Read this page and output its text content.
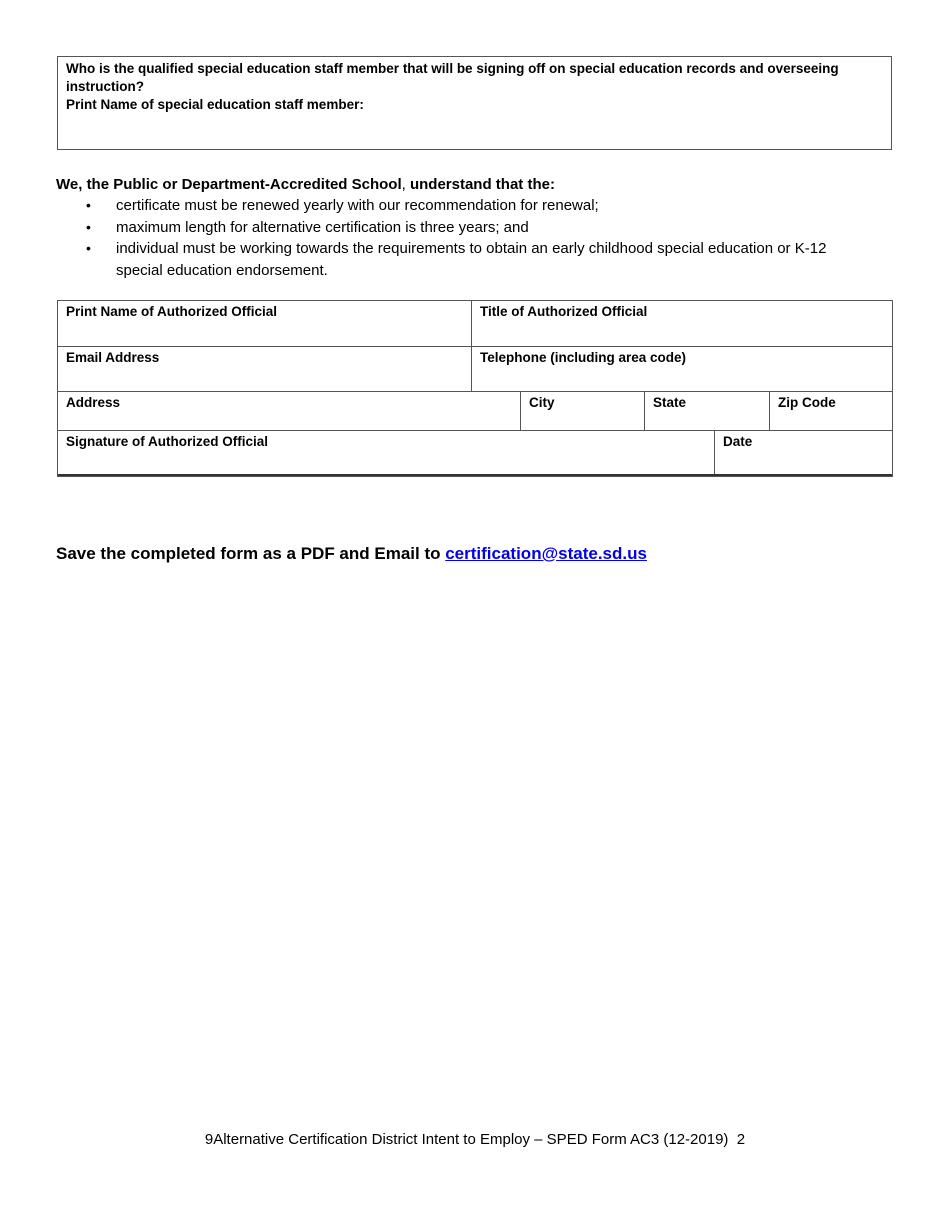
Who is the qualified special education staff member that will be signing off on special education records and overseeing
instruction?
Print Name of special education staff member:
We, the Public or Department-Accredited School, understand that the:
• certificate must be renewed yearly with our recommendation for renewal;
• maximum length for alternative certification is three years; and
• individual must be working towards the requirements to obtain an early childhood special education or K-12
special education endorsement.
Print Name of Authorized Official	Title of Authorized Official
Email Address	Telephone (including area code)
Address	City	State	Zip Code
Signature of Authorized Official	Date
Save the completed form as a PDF and Email to certification@state.sd.us
9Alternative Certification District Intent to Employ – SPED Form AC3 (12-2019)  2
